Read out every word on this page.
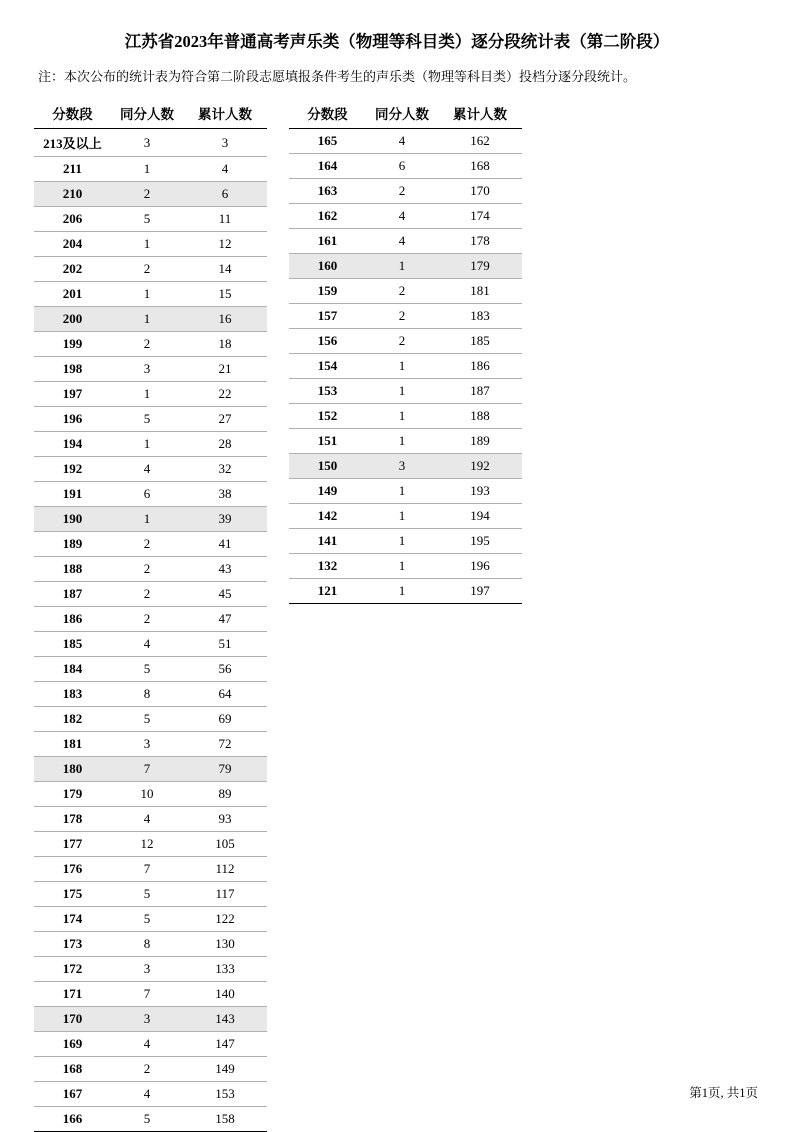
江苏省2023年普通高考声乐类（物理等科目类）逐分段统计表（第二阶段）
注：本次公布的统计表为符合第二阶段志愿填报条件考生的声乐类（物理等科目类）投档分逐分段统计。
分数段	同分人数	累计人数
213及以上	3	3
211	1	4
210	2	6
206	5	11
204	1	12
202	2	14
201	1	15
200	1	16
199	2	18
198	3	21
197	1	22
196	5	27
194	1	28
192	4	32
191	6	38
190	1	39
189	2	41
188	2	43
187	2	45
186	2	47
185	4	51
184	5	56
183	8	64
182	5	69
181	3	72
180	7	79
179	10	89
178	4	93
177	12	105
176	7	112
175	5	117
174	5	122
173	8	130
172	3	133
171	7	140
170	3	143
169	4	147
168	2	149
167	4	153
166	5	158
分数段	同分人数	累计人数
165	4	162
164	6	168
163	2	170
162	4	174
161	4	178
160	1	179
159	2	181
157	2	183
156	2	185
154	1	186
153	1	187
152	1	188
151	1	189
150	3	192
149	1	193
142	1	194
141	1	195
132	1	196
121	1	197
第1页, 共1页
